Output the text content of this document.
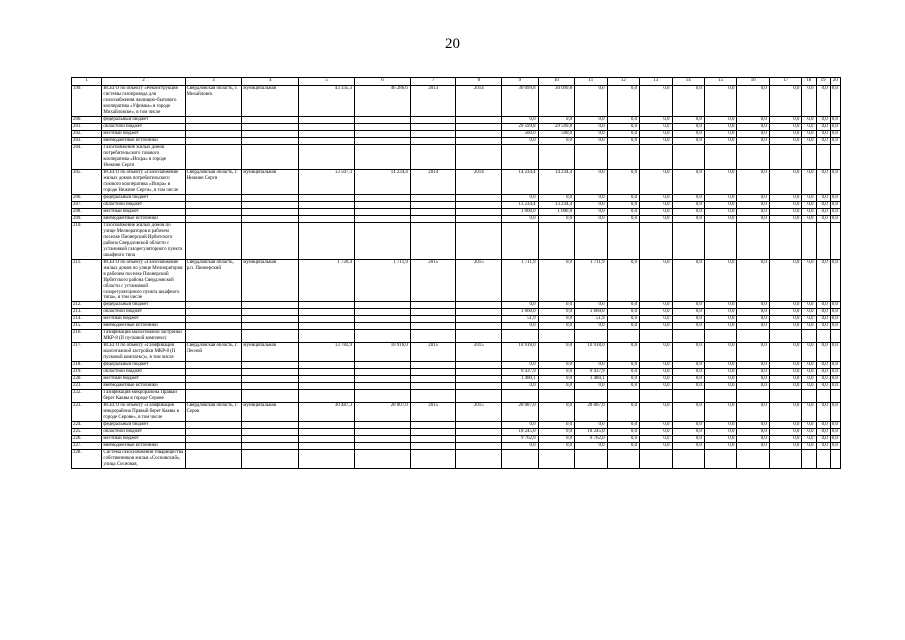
20
1	2	3	4	5	6	7	8	9	10	11	12	13	14	15	16	17	18	19	20
199.	ВСЕГО по объекту «Реконструкция системы газопровода для газоснабжения жилищно-бытового кооператива «Уфимка» в городе Михайловске», в том числе	Свердловская область, г. Михайловск	муниципальная	43 335,3	46 286,6	2013	2014	30 099,8	30 099,8	0,0	0,0	0,0	0,0	0,0	0,0	0,0	0,0	0,0	0,0
200.	федеральный бюджет							0,0	0,0	0,0	0,0	0,0	0,0	0,0	0,0	0,0	0,0	0,0	0,0
201.	областной бюджет							29 599,8	29 599,8	0,0	0,0	0,0	0,0	0,0	0,0	0,0	0,0	0,0	0,0
202.	местный бюджет							500,0	500,0	0,0	0,0	0,0	0,0	0,0	0,0	0,0	0,0	0,0	0,0
203.	внебюджетные источники							0,0	0,0	0,0	0,0	0,0	0,0	0,0	0,0	0,0	0,0	0,0	0,0
204.	Газоснабжение жилых домов потребительского газового кооператива «Искра» в городе Нижние Серги																		
205.	ВСЕГО по объекту «Газоснабжение жилых домов потребительского газового кооператива «Искра» в городе Нижние Серги», в том числе	Свердловская область, г. Нижние Серги	муниципальная	13 507,3	14 234,4	2014	2014	14 234,4	14 234,4	0,0	0,0	0,0	0,0	0,0	0,0	0,0	0,0	0,0	0,0
206.	федеральный бюджет							0,0	0,0	0,0	0,0	0,0	0,0	0,0	0,0	0,0	0,0	0,0	0,0
207.	областной бюджет							13 234,4	13 234,4	0,0	0,0	0,0	0,0	0,0	0,0	0,0	0,0	0,0	0,0
208.	местный бюджет							1 000,0	1 000,0	0,0	0,0	0,0	0,0	0,0	0,0	0,0	0,0	0,0	0,0
209.	внебюджетные источники							0,0	0,0	0,0	0,0	0,0	0,0	0,0	0,0	0,0	0,0	0,0	0,0
210.	Газоснабжение жилых домов по улице Мелиораторов в рабочем поселке Пионерский Ирбитского района Свердловской области с установкой газорегуляторного пункта шкафного типа																		
211.	ВСЕГО по объекту «Газоснабжение жилых домов по улице Мелиораторов в рабочем поселке Пионерский Ирбитского района Свердловской области с установкой газорегуляторного пункта шкафного типа», в том числе	Свердловская область, р.п. Пионерский	муниципальная	1 720,4	1 711,9	2015	2015	1 711,9	0,0	1 711,9	0,0	0,0	0,0	0,0	0,0	0,0	0,0	0,0	0,0
212.	федеральный бюджет							0,0	0,0	0,0	0,0	0,0	0,0	0,0	0,0	0,0	0,0	0,0	0,0
213.	областной бюджет							1 660,0	0,0	1 660,0	0,0	0,0	0,0	0,0	0,0	0,0	0,0	0,0	0,0
214.	местный бюджет							51,9	0,0	51,9	0,0	0,0	0,0	0,0	0,0	0,0	0,0	0,0	0,0
215.	внебюджетные источники							0,0	0,0	0,0	0,0	0,0	0,0	0,0	0,0	0,0	0,0	0,0	0,0
216.	Газификация малоэтажной застройки МКР-8 (II пусковой комплекс)																		
217.	ВСЕГО по объекту «Газификация малоэтажной застройки МКР-8 (II пусковой комплекс)», в том числе	Свердловская область, г. Лесной	муниципальная	13 782,9	10 918,0	2015	2015	10 918,0	0,0	10 918,0	0,0	0,0	0,0	0,0	0,0	0,0	0,0	0,0	0,0
218.	федеральный бюджет							0,0	0,0	0,0	0,0	0,0	0,0	0,0	0,0	0,0	0,0	0,0	0,0
219.	областной бюджет							9 437,9	0,0	9 437,9	0,0	0,0	0,0	0,0	0,0	0,0	0,0	0,0	0,0
220.	местный бюджет							1 480,1	0,0	1 480,1	0,0	0,0	0,0	0,0	0,0	0,0	0,0	0,0	0,0
221.	внебюджетные источники							0,0	0,0	0,0	0,0	0,0	0,0	0,0	0,0	0,0	0,0	0,0	0,0
222.	Газификация микрорайона Правый берег Каквы в городе Серове																		
223.	ВСЕГО по объекту «Газификация микрорайона Правый берег Каквы в городе Серове», в том числе	Свердловская область, г. Серов	муниципальная	30 487,3	28 007,0	2015	2015	28 007,0	0,0	28 007,0	0,0	0,0	0,0	0,0	0,0	0,0	0,0	0,0	0,0
224.	федеральный бюджет							0,0	0,0	0,0	0,0	0,0	0,0	0,0	0,0	0,0	0,0	0,0	0,0
225.	областной бюджет							18 245,0	0,0	18 245,0	0,0	0,0	0,0	0,0	0,0	0,0	0,0	0,0	0,0
226.	местный бюджет							9 762,0	0,0	9 762,0	0,0	0,0	0,0	0,0	0,0	0,0	0,0	0,0	0,0
227.	внебюджетные источники							0,0	0,0	0,0	0,0	0,0	0,0	0,0	0,0	0,0	0,0	0,0	0,0
228.	Система газоснабжения товарищества собственников жилья «Сосновский», улица Сосновая,																		
